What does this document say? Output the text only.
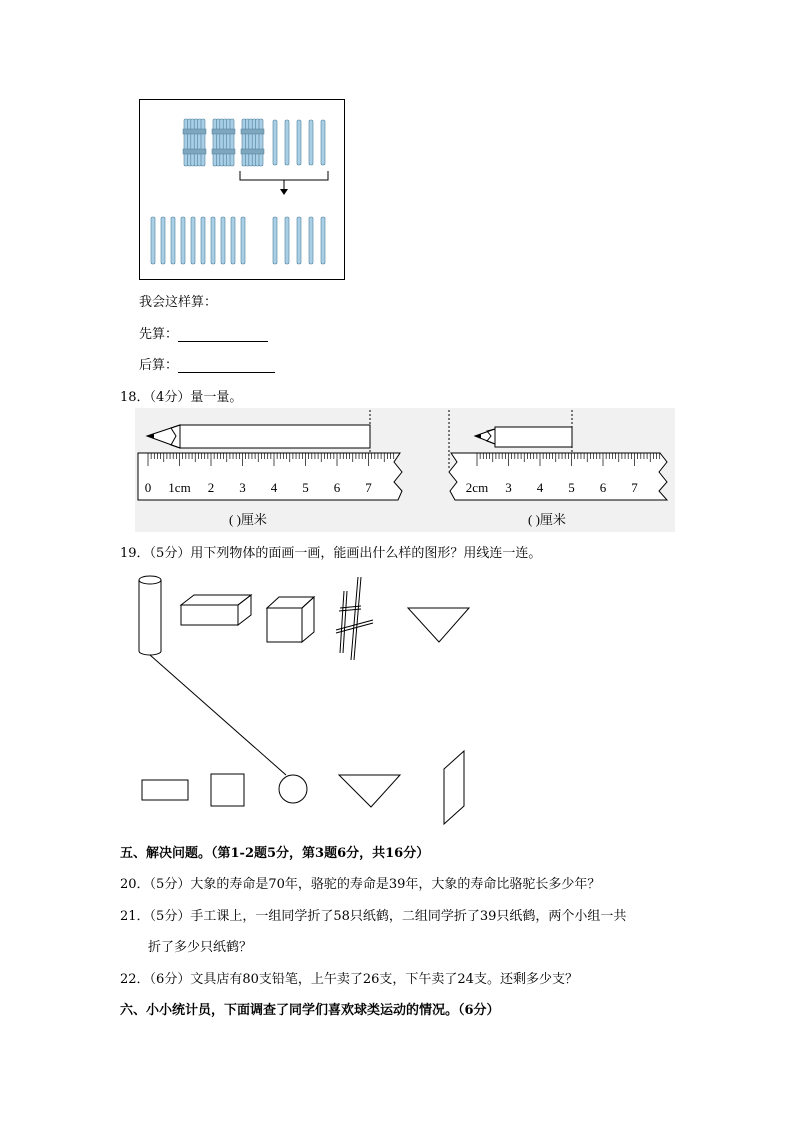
我会这样算：
先算：
后算：
18．（4分）量一量。
0 1cm 2 3 4 5 6 7
( )厘米
2cm 3 4 5 6 7
( )厘米
19．（5分）用下列物体的面画一画，能画出什么样的图形？用线连一连。
五、解决问题。（第1-2题5分，第3题6分，共16分）
20．（5分）大象的寿命是70年，骆驼的寿命是39年，大象的寿命比骆驼长多少年？
21．（5分）手工课上，一组同学折了58只纸鹤，二组同学折了39只纸鹤，两个小组一共
折了多少只纸鹤？
22．（6分）文具店有80支铅笔，上午卖了26支，下午卖了24支。还剩多少支？
六、小小统计员，下面调查了同学们喜欢球类运动的情况。（6分）
